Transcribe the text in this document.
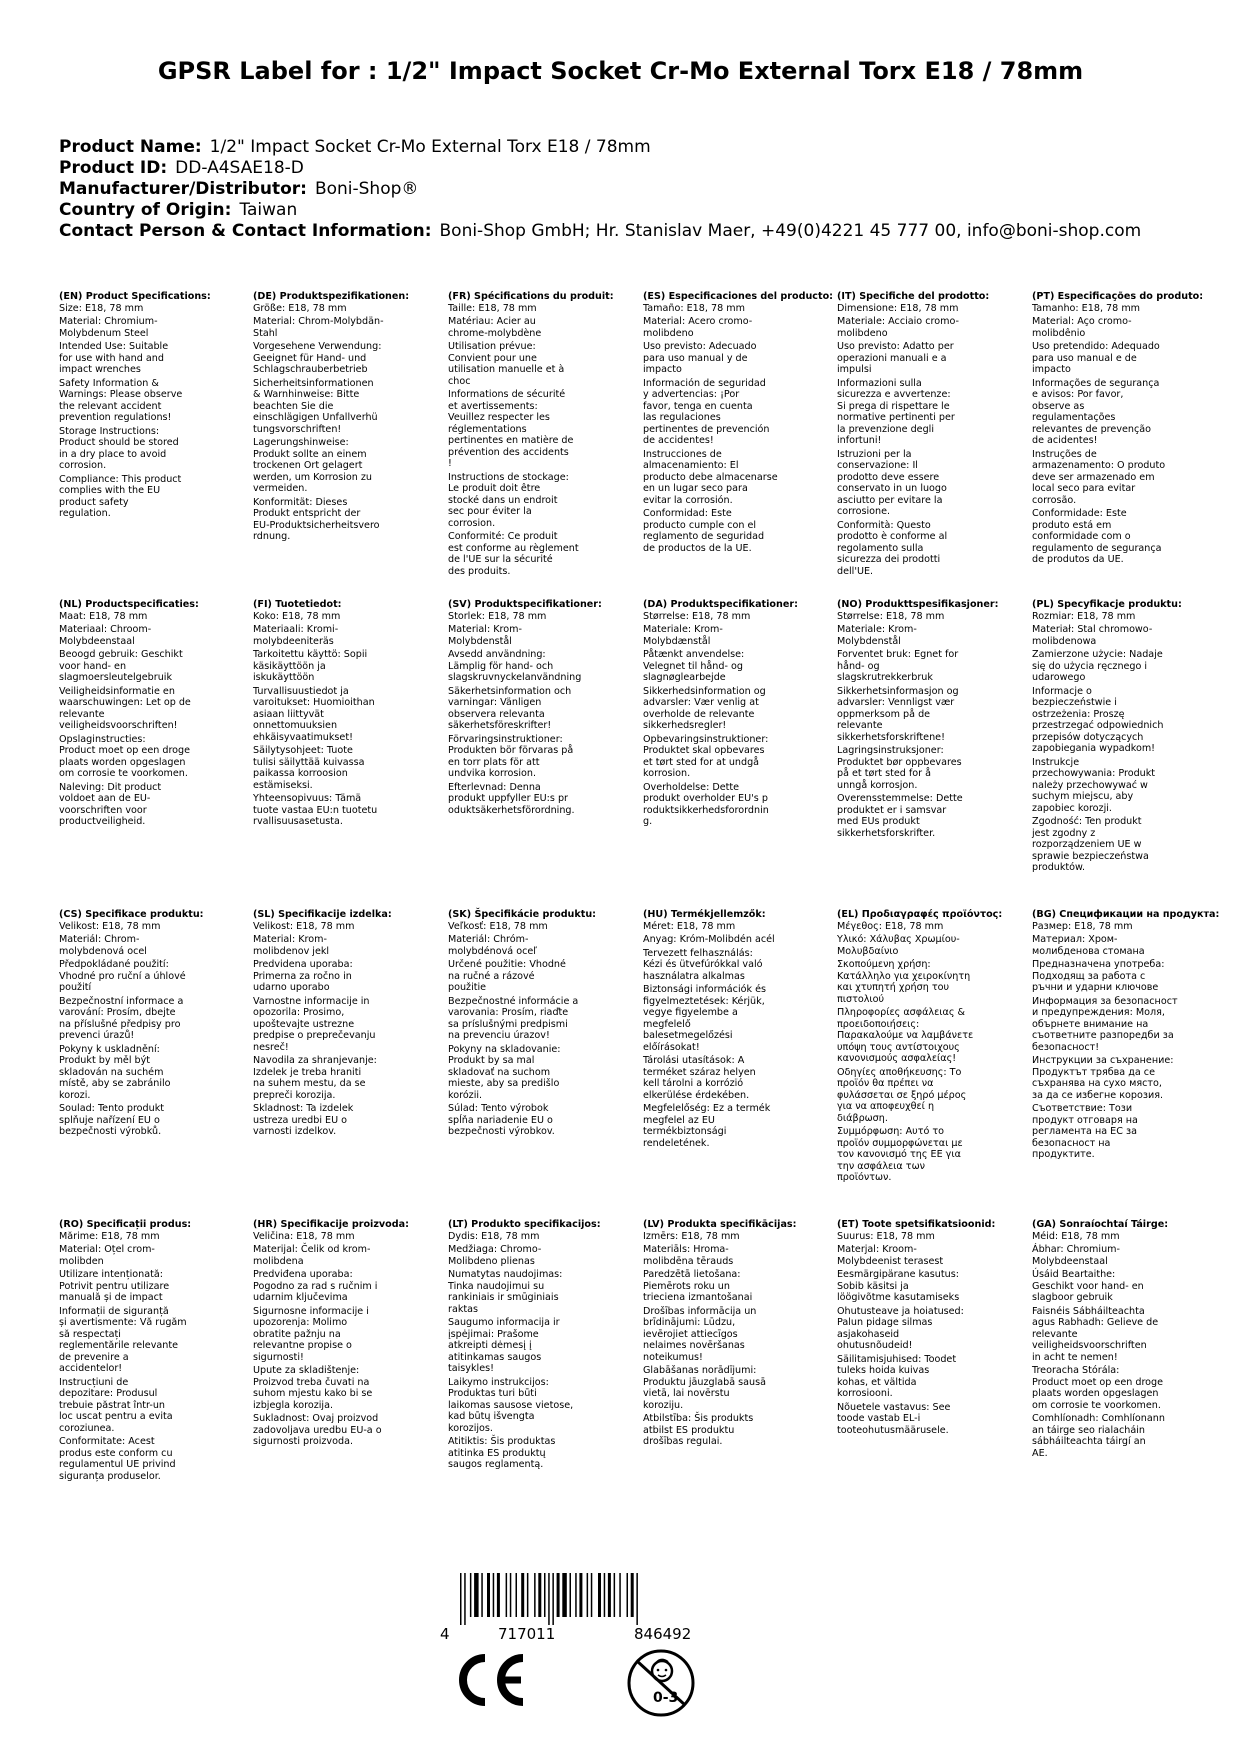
GPSR Label for : 1/2" Impact Socket Cr-Mo External Torx E18 / 78mm
Product Name: 1/2" Impact Socket Cr-Mo External Torx E18 / 78mm
Product ID: DD-A4SAE18-D
Manufacturer/Distributor: Boni-Shop®
Country of Origin: Taiwan
Contact Person & Contact Information: Boni-Shop GmbH; Hr. Stanislav Maer, +49(0)4221 45 777 00, info@boni-shop.com
(EN) Product Specifications:

Size: E18, 78 mm

Material: Chromium-
Molybdenum Steel

Intended Use: Suitable
for use with hand and
impact wrenches

Safety Information &
Warnings: Please observe
the relevant accident
prevention regulations!

Storage Instructions:
Product should be stored
in a dry place to avoid
corrosion.

Compliance: This product
complies with the EU
product safety
regulation.

(DE) Produktspezifikationen:

Größe: E18, 78 mm

Material: Chrom-Molybdän-
Stahl

Vorgesehene Verwendung:
Geeignet für Hand- und
Schlagschrauberbetrieb

Sicherheitsinformationen
& Warnhinweise: Bitte
beachten Sie die
einschlägigen Unfallverhü
tungsvorschriften!

Lagerungshinweise:
Produkt sollte an einem
trockenen Ort gelagert
werden, um Korrosion zu
vermeiden.

Konformität: Dieses
Produkt entspricht der
EU-Produktsicherheitsvero
rdnung.

(FR) Spécifications du produit:

Taille: E18, 78 mm

Matériau: Acier au
chrome-molybdène

Utilisation prévue:
Convient pour une
utilisation manuelle et à
choc

Informations de sécurité
et avertissements:
Veuillez respecter les
réglementations
pertinentes en matière de
prévention des accidents
!

Instructions de stockage:
Le produit doit être
stocké dans un endroit
sec pour éviter la
corrosion.

Conformité: Ce produit
est conforme au règlement
de l'UE sur la sécurité
des produits.

(ES) Especificaciones del producto:

Tamaño: E18, 78 mm

Material: Acero cromo-
molibdeno

Uso previsto: Adecuado
para uso manual y de
impacto

Información de seguridad
y advertencias: ¡Por
favor, tenga en cuenta
las regulaciones
pertinentes de prevención
de accidentes!

Instrucciones de
almacenamiento: El
producto debe almacenarse
en un lugar seco para
evitar la corrosión.

Conformidad: Este
producto cumple con el
reglamento de seguridad
de productos de la UE.

(IT) Specifiche del prodotto:

Dimensione: E18, 78 mm

Materiale: Acciaio cromo-
molibdeno

Uso previsto: Adatto per
operazioni manuali e a
impulsi

Informazioni sulla
sicurezza e avvertenze:
Si prega di rispettare le
normative pertinenti per
la prevenzione degli
infortuni!

Istruzioni per la
conservazione: Il
prodotto deve essere
conservato in un luogo
asciutto per evitare la
corrosione.

Conformità: Questo
prodotto è conforme al
regolamento sulla
sicurezza dei prodotti
dell'UE.

(PT) Especificações do produto:

Tamanho: E18, 78 mm

Material: Aço cromo-
molibdênio

Uso pretendido: Adequado
para uso manual e de
impacto

Informações de segurança
e avisos: Por favor,
observe as
regulamentações
relevantes de prevenção
de acidentes!

Instruções de
armazenamento: O produto
deve ser armazenado em
local seco para evitar
corrosão.

Conformidade: Este
produto está em
conformidade com o
regulamento de segurança
de produtos da UE.

(NL) Productspecificaties:

Maat: E18, 78 mm

Materiaal: Chroom-
Molybdeenstaal

Beoogd gebruik: Geschikt
voor hand- en
slagmoersleutelgebruik

Veiligheidsinformatie en
waarschuwingen: Let op de
relevante
veiligheidsvoorschriften!

Opslaginstructies:
Product moet op een droge
plaats worden opgeslagen
om corrosie te voorkomen.

Naleving: Dit product
voldoet aan de EU-
voorschriften voor
productveiligheid.

(FI) Tuotetiedot:

Koko: E18, 78 mm

Materiaali: Kromi-
molybdeeniteräs

Tarkoitettu käyttö: Sopii
käsikäyttöön ja
iskukäyttöön

Turvallisuustiedot ja
varoitukset: Huomioithan
asiaan liittyvät
onnettomuuksien
ehkäisyvaatimukset!

Säilytysohjeet: Tuote
tulisi säilyttää kuivassa
paikassa korroosion
estämiseksi.

Yhteensopivuus: Tämä
tuote vastaa EU:n tuotetu
rvallisuusasetusta.

(SV) Produktspecifikationer:

Storlek: E18, 78 mm

Material: Krom-
Molybdenstål

Avsedd användning:
Lämplig för hand- och
slagskruvnyckelanvändning

Säkerhetsinformation och
varningar: Vänligen
observera relevanta
säkerhetsföreskrifter!

Förvaringsinstruktioner:
Produkten bör förvaras på
en torr plats för att
undvika korrosion.

Efterlevnad: Denna
produkt uppfyller EU:s pr
oduktsäkerhetsförordning.

(DA) Produktspecifikationer:

Størrelse: E18, 78 mm

Materiale: Krom-
Molybdænstål

Påtænkt anvendelse:
Velegnet til hånd- og
slagnøglearbejde

Sikkerhedsinformation og
advarsler: Vær venlig at
overholde de relevante
sikkerhedsregler!

Opbevaringsinstruktioner:
Produktet skal opbevares
et tørt sted for at undgå
korrosion.

Overholdelse: Dette
produkt overholder EU's p
roduktsikkerhedsforordnin
g.

(NO) Produkttspesifikasjoner:

Størrelse: E18, 78 mm

Materiale: Krom-
Molybdenstål

Forventet bruk: Egnet for
hånd- og
slagskrutrekkerbruk

Sikkerhetsinformasjon og
advarsler: Vennligst vær
oppmerksom på de
relevante
sikkerhetsforskriftene!

Lagringsinstruksjoner:
Produktet bør oppbevares
på et tørt sted for å
unngå korrosjon.

Overensstemmelse: Dette
produktet er i samsvar
med EUs produkt
sikkerhetsforskrifter.

(PL) Specyfikacje produktu:

Rozmiar: E18, 78 mm

Materiał: Stal chromowo-
molibdenowa

Zamierzone użycie: Nadaje
się do użycia ręcznego i
udarowego

Informacje o
bezpieczeństwie i
ostrzeżenia: Proszę
przestrzegać odpowiednich
przepisów dotyczących
zapobiegania wypadkom!

Instrukcje
przechowywania: Produkt
należy przechowywać w
suchym miejscu, aby
zapobiec korozji.

Zgodność: Ten produkt
jest zgodny z
rozporządzeniem UE w
sprawie bezpieczeństwa
produktów.

(CS) Specifikace produktu:

Velikost: E18, 78 mm

Materiál: Chrom-
molybdenová ocel

Předpokládané použití:
Vhodné pro ruční a úhlové
použití

Bezpečnostní informace a
varování: Prosím, dbejte
na příslušné předpisy pro
prevenci úrazů!

Pokyny k uskladnění:
Produkt by měl být
skladován na suchém
místě, aby se zabránilo
korozi.

Soulad: Tento produkt
splňuje nařízení EU o
bezpečnosti výrobků.

(SL) Specifikacije izdelka:

Velikost: E18, 78 mm

Material: Krom-
molibdenov jekl

Predvidena uporaba:
Primerna za ročno in
udarno uporabo

Varnostne informacije in
opozorila: Prosimo,
upoštevajte ustrezne
predpise o preprečevanju
nesreč!

Navodila za shranjevanje:
Izdelek je treba hraniti
na suhem mestu, da se
prepreči korozija.

Skladnost: Ta izdelek
ustreza uredbi EU o
varnosti izdelkov.

(SK) Špecifikácie produktu:

Veľkosť: E18, 78 mm

Materiál: Chróm-
molybdénová oceľ

Určené použitie: Vhodné
na ručné a rázové
použitie

Bezpečnostné informácie a
varovania: Prosím, riaďte
sa príslušnými predpismi
na prevenciu úrazov!

Pokyny na skladovanie:
Produkt by sa mal
skladovať na suchom
mieste, aby sa predišlo
korózii.

Súlad: Tento výrobok
spĺňa nariadenie EU o
bezpečnosti výrobkov.

(HU) Termékjellemzők:

Méret: E18, 78 mm

Anyag: Króm-Molibdén acél

Tervezett felhasználás:
Kézi és ütvefúrókkal való
használatra alkalmas

Biztonsági információk és
figyelmeztetések: Kérjük,
vegye figyelembe a
megfelelő
balesetmegelőzési
előírásokat!

Tárolási utasítások: A
terméket száraz helyen
kell tárolni a korrózió
elkerülése érdekében.

Megfelelőség: Ez a termék
megfelel az EU
termékbiztonsági
rendeletének.

(EL) Προδιαγραφές προϊόντος:

Μέγεθος: E18, 78 mm

Υλικό: Χάλυβας Χρωμίου-
Μολυβδαίνιο

Σκοπούμενη χρήση:
Κατάλληλο για χειροκίνητη
και χτυπητή χρήση του
πιστολιού

Πληροφορίες ασφάλειας &
προειδοποιήσεις:
Παρακαλούμε να λαμβάνετε
υπόψη τους αντίστοιχους
κανονισμούς ασφαλείας!

Οδηγίες αποθήκευσης: Το
προϊόν θα πρέπει να
φυλάσσεται σε ξηρό μέρος
για να αποφευχθεί η
διάβρωση.

Συμμόρφωση: Αυτό το
προϊόν συμμορφώνεται με
τον κανονισμό της ΕΕ για
την ασφάλεια των
προϊόντων.

(BG) Спецификации на продукта:

Размер: E18, 78 mm

Материал: Хром-
молибденова стомана

Предназначена употреба:
Подходящ за работа с
ръчни и ударни ключове

Информация за безопасност
и предупреждения: Моля,
обърнете внимание на
съответните разпоредби за
безопасност!

Инструкции за съхранение:
Продуктът трябва да се
съхранява на сухо място,
за да се избегне корозия.

Съответствие: Този
продукт отговаря на
регламента на ЕС за
безопасност на
продуктите.

(RO) Specificații produs:

Mărime: E18, 78 mm

Material: Oțel crom-
molibden

Utilizare intenționată:
Potrivit pentru utilizare
manuală și de impact

Informații de siguranță
și avertismente: Vă rugăm
să respectați
reglementările relevante
de prevenire a
accidentelor!

Instrucțiuni de
depozitare: Produsul
trebuie păstrat într-un
loc uscat pentru a evita
coroziunea.

Conformitate: Acest
produs este conform cu
regulamentul UE privind
siguranța produselor.

(HR) Specifikacije proizvoda:

Veličina: E18, 78 mm

Materijal: Čelik od krom-
molibdena

Predviđena uporaba:
Pogodno za rad s ručnim i
udarnim ključevima

Sigurnosne informacije i
upozorenja: Molimo
obratite pažnju na
relevantne propise o
sigurnosti!

Upute za skladištenje:
Proizvod treba čuvati na
suhom mjestu kako bi se
izbjegla korozija.

Sukladnost: Ovaj proizvod
zadovoljava uredbu EU-a o
sigurnosti proizvoda.

(LT) Produkto specifikacijos:

Dydis: E18, 78 mm

Medžiaga: Chromo-
Molibdeno plienas

Numatytas naudojimas:
Tinka naudojimui su
rankiniais ir smūginiais
raktas

Saugumo informacija ir
įspėjimai: Prašome
atkreipti dėmesį į
atitinkamas saugos
taisykles!

Laikymo instrukcijos:
Produktas turi būti
laikomas sausose vietose,
kad būtų išvengta
korozijos.

Atitiktis: Šis produktas
atitinka ES produktų
saugos reglamentą.

(LV) Produkta specifikācijas:

Izmērs: E18, 78 mm

Materiāls: Hroma-
molibdēna tērauds

Paredzētā lietošana:
Piemērots roku un
trieciena izmantošanai

Drošības informācija un
brīdinājumi: Lūdzu,
ievērojiet attiecīgos
nelaimes novēršanas
noteikumus!

Glabāšanas norādījumi:
Produktu jāuzglabā sausā
vietā, lai novērstu
koroziju.

Atbilstība: Šis produkts
atbilst ES produktu
drošības regulai.

(ET) Toote spetsifikatsioonid:

Suurus: E18, 78 mm

Materjal: Kroom-
Molybdeenist terasest

Eesmärgipärane kasutus:
Sobib käsitsi ja
löögivõtme kasutamiseks

Ohutusteave ja hoiatused:
Palun pidage silmas
asjakohaseid
ohutusnõudeid!

Säilitamisjuhised: Toodet
tuleks hoida kuivas
kohas, et vältida
korrosiooni.

Nõuetele vastavus: See
toode vastab EL-i
tooteohutusmäärusele.

(GA) Sonraíochtaí Táirge:

Méid: E18, 78 mm

Ábhar: Chromium-
Molybdeenstaal

Úsáid Beartaithe:
Geschikt voor hand- en
slagboor gebruik

Faisnéis Sábháilteachta
agus Rabhadh: Gelieve de
relevante
veiligheidsvoorschriften
in acht te nemen!

Treoracha Stórála:
Product moet op een droge
plaats worden opgeslagen
om corrosie te voorkomen.

Comhlíonadh: Comhlíonann
an táirge seo rialacháin
sábháilteachta táirgí an
AE.

4	717011	846492
0-3
